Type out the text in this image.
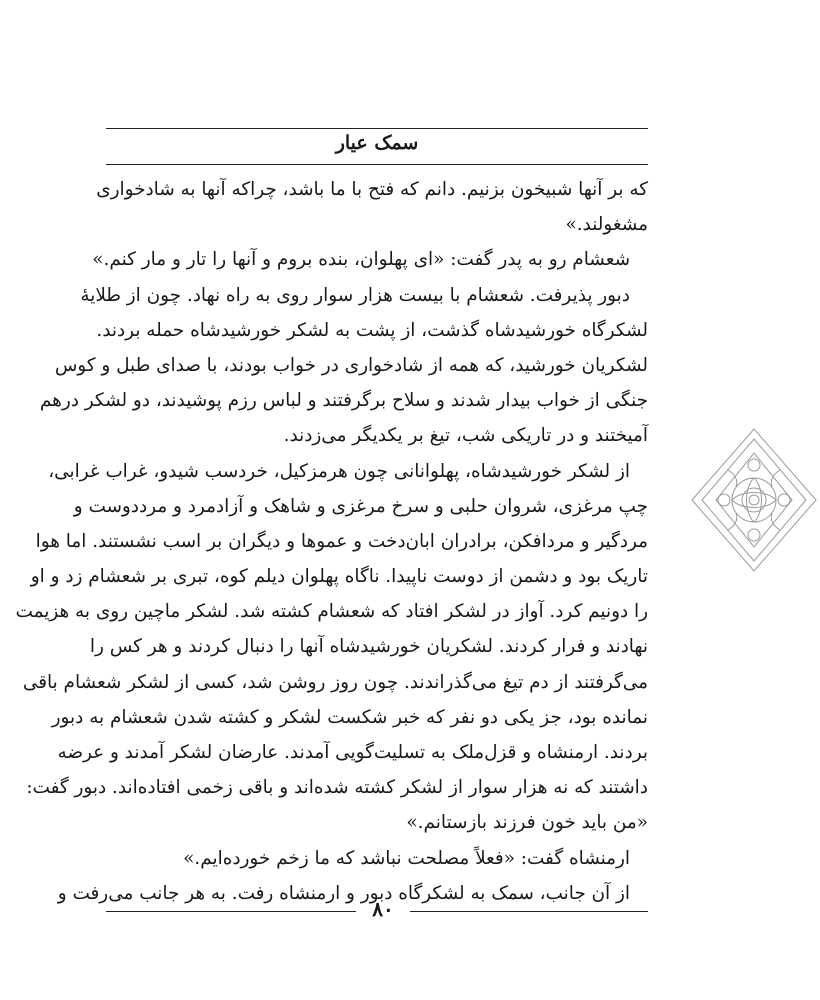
سمک عیار
که بر آنها شبیخون بزنیم. دانم که فتح با ما باشد، چراکه آنها به شادخواری
مشغولند.»
شعشام رو به پدر گفت: «ای پهلوان، بنده بروم و آنها را تار و مار کنم.»
دبور پذیرفت. شعشام با بیست هزار سوار روی به راه نهاد. چون از طلایهٔ
لشکرگاه خورشیدشاه گذشت، از پشت به لشکر خورشیدشاه حمله بردند.
لشکریان خورشید، که همه از شادخواری در خواب بودند، با صدای طبل و کوس
جنگی از خواب بیدار شدند و سلاح برگرفتند و لباس رزم پوشیدند، دو لشکر درهم
آمیختند و در تاریکی شب، تیغ بر یکدیگر می‌زدند.
از لشکر خورشیدشاه، پهلوانانی چون هرمزکیل، خردسب شیدو، غراب غرابی،
چپ مرغزی، شروان حلبی و سرخ مرغزی و شاهک و آزادمرد و مرددوست و
مردگیر و مردافکن، برادران ابان‌دخت و عموها و دیگران بر اسب نشستند. اما هوا
تاریک بود و دشمن از دوست ناپیدا. ناگاه پهلوان دیلم کوه، تبری بر شعشام زد و او
را دونیم کرد. آواز در لشکر افتاد که شعشام کشته شد. لشکر ماچین روی به هزیمت
نهادند و فرار کردند. لشکریان خورشیدشاه آنها را دنبال کردند و هر کس را
می‌گرفتند از دم تیغ می‌گذراندند. چون روز روشن شد، کسی از لشکر شعشام باقی
نمانده بود، جز یکی دو نفر که خبر شکست لشکر و کشته شدن شعشام به دبور
بردند. ارمنشاه و قزل‌ملک به تسلیت‌گویی آمدند. عارضان لشکر آمدند و عرضه
داشتند که نه هزار سوار از لشکر کشته شده‌اند و باقی زخمی افتاده‌اند. دبور گفت:
«من باید خون فرزند بازستانم.»
ارمنشاه گفت: «فعلاً مصلحت نباشد که ما زخم خورده‌ایم.»
از آن جانب، سمک به لشکرگاه دبور و ارمنشاه رفت. به هر جانب می‌رفت و
۸۰
